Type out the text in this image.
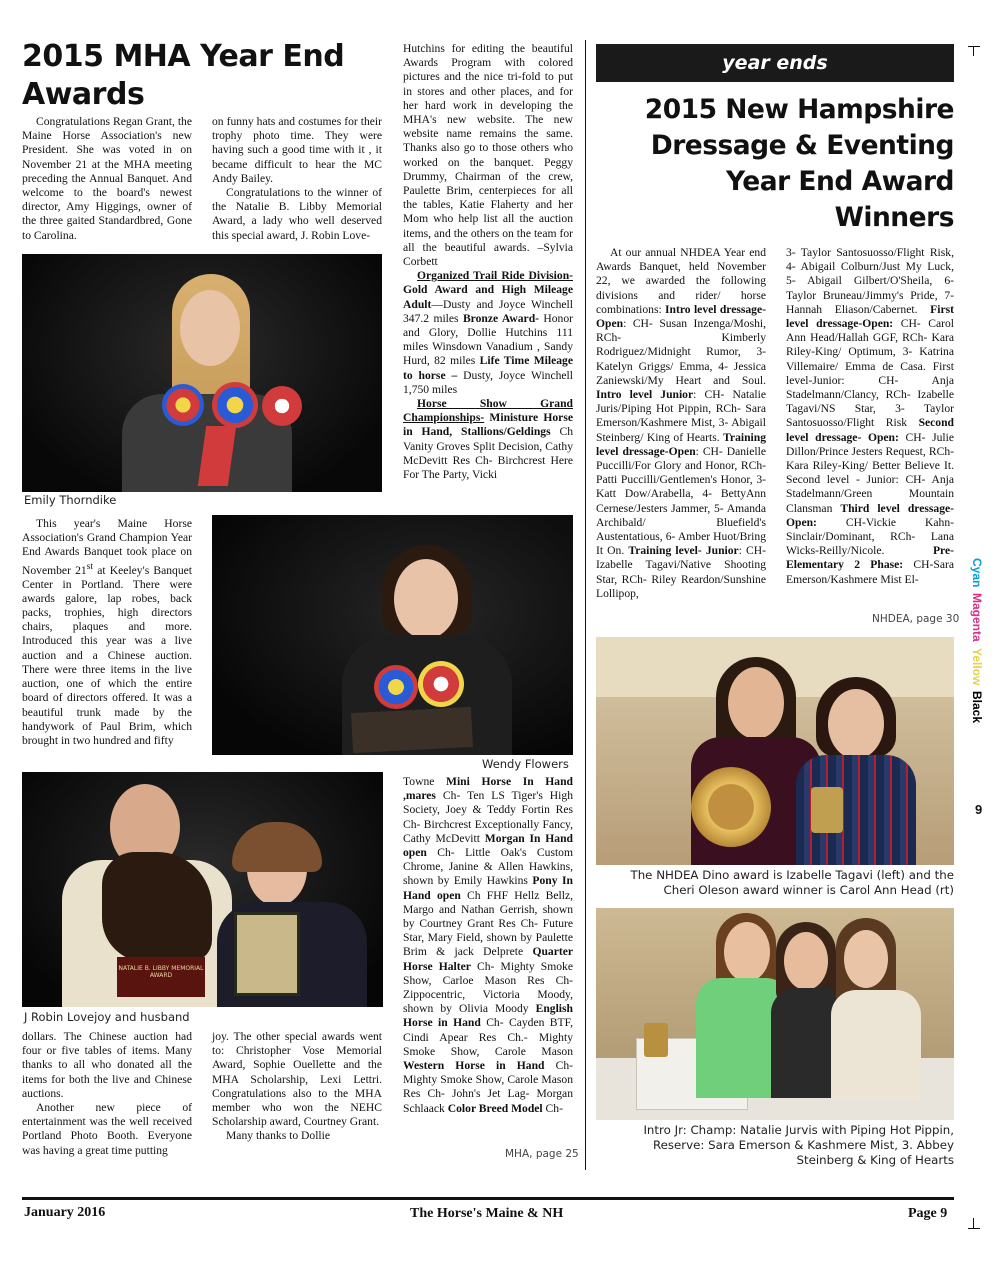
2015 MHA Year End
Awards

Congratulations Regan Grant, the Maine Horse Association's new President. She was voted in on November 21 at the MHA meeting preceding the Annual Banquet. And welcome to the board's newest director, Amy Higgings, owner of the three gaited Standardbred, Gone to Carolina.

on funny hats and costumes for their trophy photo time. They were having such a good time with it , it became difficult to hear the MC Andy Bailey.

Congratulations to the winner of the Natalie B. Libby Memorial Award, a lady who well deserved this special award, J. Robin Love-

Emily Thorndike

This year's Maine Horse Association's Grand Champion Year End Awards Banquet took place on November 21st at Keeley's Banquet Center in Portland. There were awards galore, lap robes, back packs, trophies, high directors chairs, plaques and more. Introduced this year was a live auction and a Chinese auction. There were three items in the live auction, one of which the entire board of directors offered. It was a beautiful trunk made by the handywork of Paul Brim, which brought in two hundred and fifty

Wendy Flowers
NATALIE B. LIBBY MEMORIAL AWARD
J Robin Lovejoy and husband

dollars. The Chinese auction had four or five tables of items. Many thanks to all who donated all the items for both the live and Chinese auctions.

Another new piece of entertainment was the well received Portland Photo Booth. Everyone was having a great time putting

joy. The other special awards went to: Christopher Vose Memorial Award, Sophie Ouellette and the MHA Scholarship, Lexi Lettri. Congratulations also to the MHA member who won the NEHC Scholarship award, Courtney Grant.

Many thanks to Dollie

Hutchins for editing the beautiful Awards Program with colored pictures and the nice tri-fold to put in stores and other places, and for her hard work in developing the MHA's new website. The new website name remains the same. Thanks also go to those others who worked on the banquet. Peggy Drummy, Chairman of the crew, Paulette Brim, centerpieces for all the tables, Katie Flaherty and her Mom who help list all the auction items, and the others on the team for all the beautiful awards. –Sylvia Corbett

Organized Trail Ride Division- Gold Award and High Mileage Adult—Dusty and Joyce Winchell 347.2 miles Bronze Award- Honor and Glory, Dollie Hutchins 111 miles Winsdown Vanadium , Sandy Hurd, 82 miles Life Time Mileage to horse – Dusty, Joyce Winchell 1,750 miles

Horse Show Grand Championships- Ministure Horse in Hand, Stallions/Geldings Ch Vanity Groves Split Decision, Cathy McDevitt Res Ch- Birchcrest Here For The Party, Vicki

Towne Mini Horse In Hand ,mares Ch- Ten LS Tiger's High Society, Joey & Teddy Fortin Res Ch- Birchcrest Exceptionally Fancy, Cathy McDevitt Morgan In Hand open Ch- Little Oak's Custom Chrome, Janine & Allen Hawkins, shown by Emily Hawkins Pony In Hand open Ch FHF Hellz Bellz, Margo and Nathan Gerrish, shown by Courtney Grant Res Ch- Future Star, Mary Field, shown by Paulette Brim & jack Delprete Quarter Horse Halter Ch- Mighty Smoke Show, Carloe Mason Res Ch- Zippocentric, Victoria Moody, shown by Olivia Moody English Horse in Hand Ch- Cayden BTF, Cindi Apear Res Ch.- Mighty Smoke Show, Carole Mason Western Horse in Hand Ch- Mighty Smoke Show, Carole Mason Res Ch- John's Jet Lag- Morgan Schlaack Color Breed Model Ch-

MHA, page 25
year ends
2015 New Hampshire
Dressage & Eventing
Year End Award
Winners

At our annual NHDEA Year end Awards Banquet, held November 22, we awarded the following divisions and rider/ horse combinations: Intro level dressage-Open: CH- Susan Inzenga/Moshi, RCh- Kimberly Rodriguez/Midnight Rumor, 3-Katelyn Griggs/ Emma, 4- Jessica Zaniewski/My Heart and Soul. Intro level Junior: CH- Natalie Juris/Piping Hot Pippin, RCh- Sara Emerson/Kashmere Mist, 3- Abigail Steinberg/ King of Hearts. Training level dressage-Open: CH- Danielle Puccilli/For Glory and Honor, RCh- Patti Puccilli/Gentlemen's Honor, 3- Katt Dow/Arabella, 4- BettyAnn Cernese/Jesters Jammer, 5- Amanda Archibald/ Bluefield's Austentatious, 6- Amber Huot/Bring It On. Training level- Junior: CH-Izabelle Tagavi/Native Shooting Star, RCh- Riley Reardon/Sunshine Lollipop,

3- Taylor Santosuosso/Flight Risk, 4- Abigail Colburn/Just My Luck, 5- Abigail Gilbert/O'Sheila, 6- Taylor Bruneau/Jimmy's Pride, 7- Hannah Eliason/Cabernet. First level dressage-Open: CH- Carol Ann Head/Hallah GGF, RCh- Kara Riley-King/ Optimum, 3- Katrina Villemaire/ Emma de Casa. First level-Junior: CH- Anja Stadelmann/Clancy, RCh- Izabelle Tagavi/NS Star, 3- Taylor Santosuosso/Flight Risk Second level dressage- Open: CH- Julie Dillon/Prince Jesters Request, RCh- Kara Riley-King/ Better Believe It. Second level - Junior: CH- Anja Stadelmann/Green Mountain Clansman Third level dressage- Open: CH-Vickie Kahn-Sinclair/Dominant, RCh- Lana Wicks-Reilly/Nicole. Pre-Elementary 2 Phase: CH-Sara Emerson/Kashmere Mist El-

NHDEA, page 30
The NHDEA Dino award is Izabelle Tagavi (left) and the
Cheri Oleson award winner is Carol Ann Head (rt)
Intro Jr: Champ: Natalie Jurvis with Piping Hot Pippin,
Reserve: Sara Emerson & Kashmere Mist, 3. Abbey
Steinberg & King of Hearts
January 2016	The Horse's Maine & NH	Page 9
Cyan
Magenta
Yellow
Black
9
